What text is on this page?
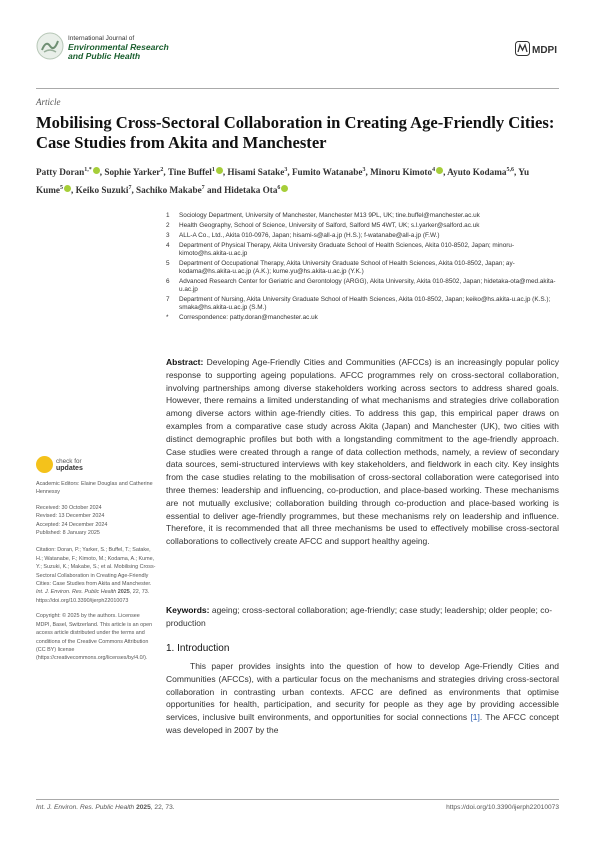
International Journal of
Environmental Research
and Public Health	MDPI
Article
Mobilising Cross-Sectoral Collaboration in Creating Age-Friendly Cities: Case Studies from Akita and Manchester
Patty Doran$^{1,*}$ , Sophie Yarker$^2$, Tine Buffel$^1$ , Hisami Satake$^3$, Fumito Watanabe$^3$, Minoru Kimoto$^4$ , Ayuto Kodama$^{5,6}$, Yu Kume$^5$ , Keiko Suzuki$^7$, Sachiko Makabe$^7$ and Hidetaka Ota$^6$
1	Sociology Department, University of Manchester, Manchester M13 9PL, UK; tine.buffel@manchester.ac.uk
2	Health Geography, School of Science, University of Salford, Salford M5 4WT, UK; s.l.yarker@salford.ac.uk
3	ALL-A Co., Ltd., Akita 010-0976, Japan; hisami-s@all-a.jp (H.S.); f-watanabe@all-a.jp (F.W.)
4	Department of Physical Therapy, Akita University Graduate School of Health Sciences, Akita 010-8502, Japan; minoru-kimoto@hs.akita-u.ac.jp
5	Department of Occupational Therapy, Akita University Graduate School of Health Sciences, Akita 010-8502, Japan; ay-kodama@hs.akita-u.ac.jp (A.K.); kume.yu@hs.akita-u.ac.jp (Y.K.)
6	Advanced Research Center for Geriatric and Gerontology (ARGG), Akita University, Akita 010-8502, Japan; hidetaka-ota@med.akita-u.ac.jp
7	Department of Nursing, Akita University Graduate School of Health Sciences, Akita 010-8502, Japan; keiko@hs.akita-u.ac.jp (K.S.); smaka@hs.akita-u.ac.jp (S.M.)
*	Correspondence: patty.doran@manchester.ac.uk
Abstract: Developing Age-Friendly Cities and Communities (AFCCs) is an increasingly popular policy response to supporting ageing populations. AFCC programmes rely on cross-sectoral collaboration, involving partnerships among diverse stakeholders working across sectors to address shared goals. However, there remains a limited understanding of what mechanisms and strategies drive collaboration among diverse actors within age-friendly cities. To address this gap, this empirical paper draws on examples from a comparative case study across Akita (Japan) and Manchester (UK), two cities with distinct demographic profiles but both with a longstanding commitment to the age-friendly approach. Case studies were created through a range of data collection methods, namely, a review of secondary data sources, semi-structured interviews with key stakeholders, and fieldwork in each city. Key insights from the case studies relating to the mobilisation of cross-sectoral collaboration were categorised into three themes: leadership and influencing, co-production, and place-based working. These mechanisms are not mutually exclusive; collaboration building through co-production and place-based working is essential to deliver age-friendly programmes, but these mechanisms rely on leadership and influence. Therefore, it is recommended that all three mechanisms be used to effectively mobilise cross-sectoral collaborations to collectively create AFCC and support healthy ageing.
Keywords: ageing; cross-sectoral collaboration; age-friendly; case study; leadership; older people; co-production
1. Introduction
This paper provides insights into the question of how to develop Age-Friendly Cities and Communities (AFCCs), with a particular focus on the mechanisms and strategies driving cross-sectoral collaboration in contrasting urban contexts. AFCC are defined as environments that optimise opportunities for health, participation, and security for people as they age by providing accessible services, inclusive built environments, and opportunities for social connections [1]. The AFCC concept was developed in 2007 by the
check for
updates

Academic Editors: Elaine Douglas and Catherine Hennessy

Received: 30 October 2024
Revised: 13 December 2024
Accepted: 24 December 2024
Published: 8 January 2025

Citation: Doran, P.; Yarker, S.; Buffel, T.; Satake, H.; Watanabe, F.; Kimoto, M.; Kodama, A.; Kume, Y.; Suzuki, K.; Makabe, S.; et al. Mobilising Cross-Sectoral Collaboration in Creating Age-Friendly Cities: Case Studies from Akita and Manchester. Int. J. Environ. Res. Public Health 2025, 22, 73. https://doi.org/10.3390/ijerph22010073

Copyright: © 2025 by the authors. Licensee MDPI, Basel, Switzerland. This article is an open access article distributed under the terms and conditions of the Creative Commons Attribution (CC BY) license (https://creativecommons.org/licenses/by/4.0/).

Int. J. Environ. Res. Public Health 2025, 22, 73.	https://doi.org/10.3390/ijerph22010073
